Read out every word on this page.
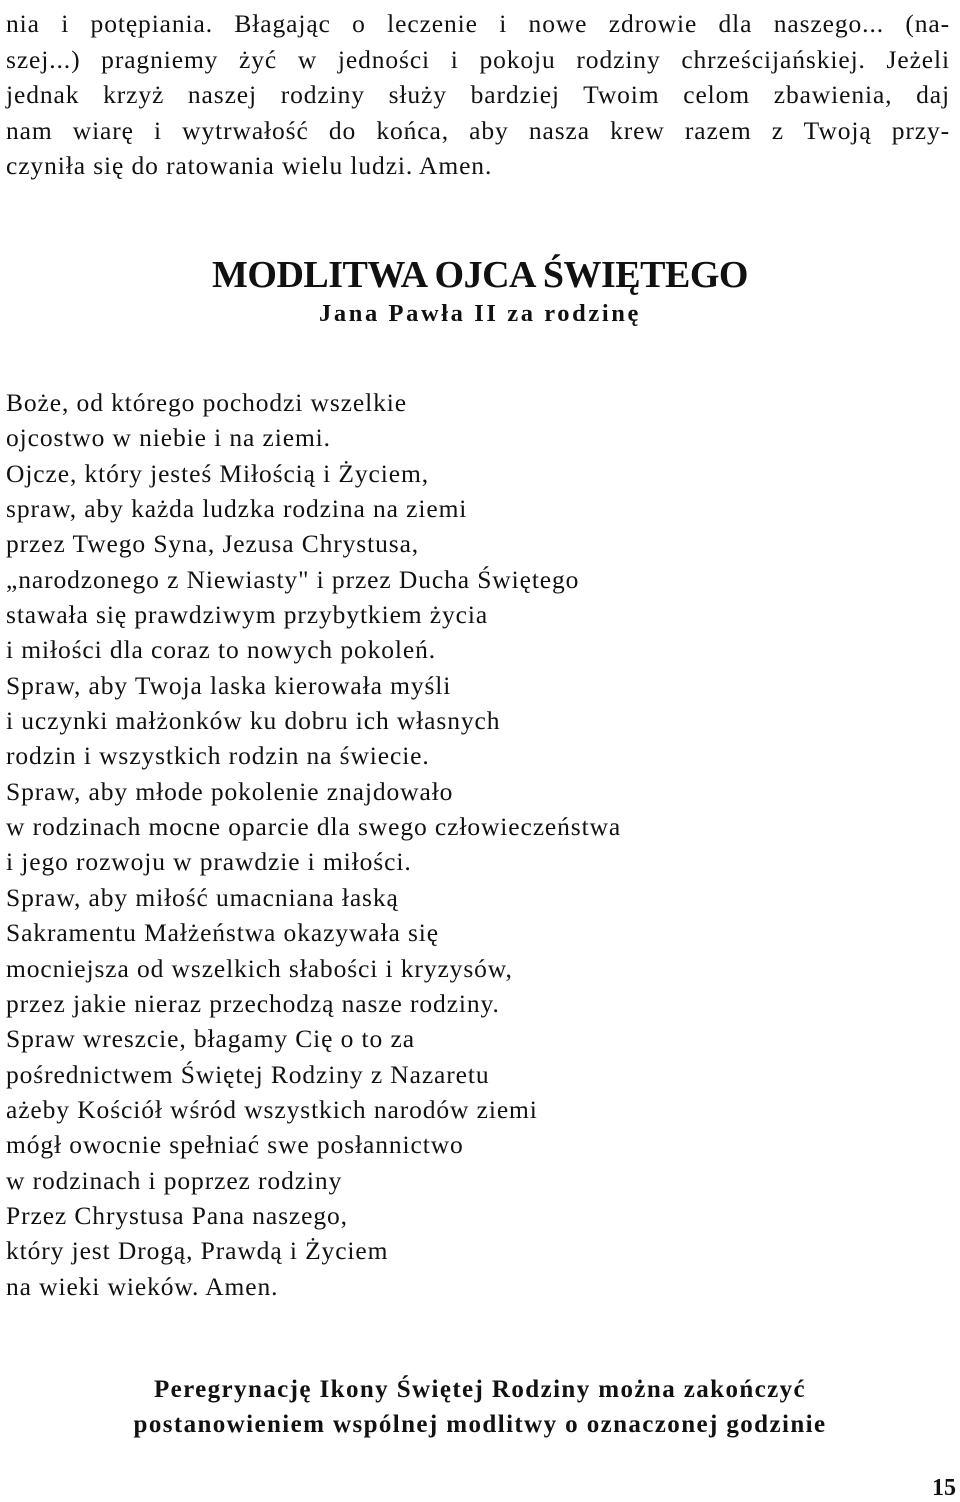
nia i potępiania. Błagając o leczenie i nowe zdrowie dla naszego... (na-
szej...) pragniemy żyć w jedności i pokoju rodziny chrześcijańskiej. Jeżeli
jednak krzyż naszej rodziny służy bardziej Twoim celom zbawienia, daj
nam wiarę i wytrwałość do końca, aby nasza krew razem z Twoją przy-
czyniła się do ratowania wielu ludzi. Amen.
MODLITWA OJCA ŚWIĘTEGO
Jana Pawła II za rodzinę
Boże, od którego pochodzi wszelkie
ojcostwo w niebie i na ziemi.
Ojcze, który jesteś Miłością i Życiem,
spraw, aby każda ludzka rodzina na ziemi
przez Twego Syna, Jezusa Chrystusa,
„narodzonego z Niewiasty" i przez Ducha Świętego
stawała się prawdziwym przybytkiem życia
i miłości dla coraz to nowych pokoleń.
Spraw, aby Twoja laska kierowała myśli
i uczynki małżonków ku dobru ich własnych
rodzin i wszystkich rodzin na świecie.
Spraw, aby młode pokolenie znajdowało
w rodzinach mocne oparcie dla swego człowieczeństwa
i jego rozwoju w prawdzie i miłości.
Spraw, aby miłość umacniana łaską
Sakramentu Małżeństwa okazywała się
mocniejsza od wszelkich słabości i kryzysów,
przez jakie nieraz przechodzą nasze rodziny.
Spraw wreszcie, błagamy Cię o to za
pośrednictwem Świętej Rodziny z Nazaretu
ażeby Kościół wśród wszystkich narodów ziemi
mógł owocnie spełniać swe posłannictwo
w rodzinach i poprzez rodziny
Przez Chrystusa Pana naszego,
który jest Drogą, Prawdą i Życiem
na wieki wieków. Amen.
Peregrynację Ikony Świętej Rodziny można zakończyć
postanowieniem wspólnej modlitwy o oznaczonej godzinie
15
